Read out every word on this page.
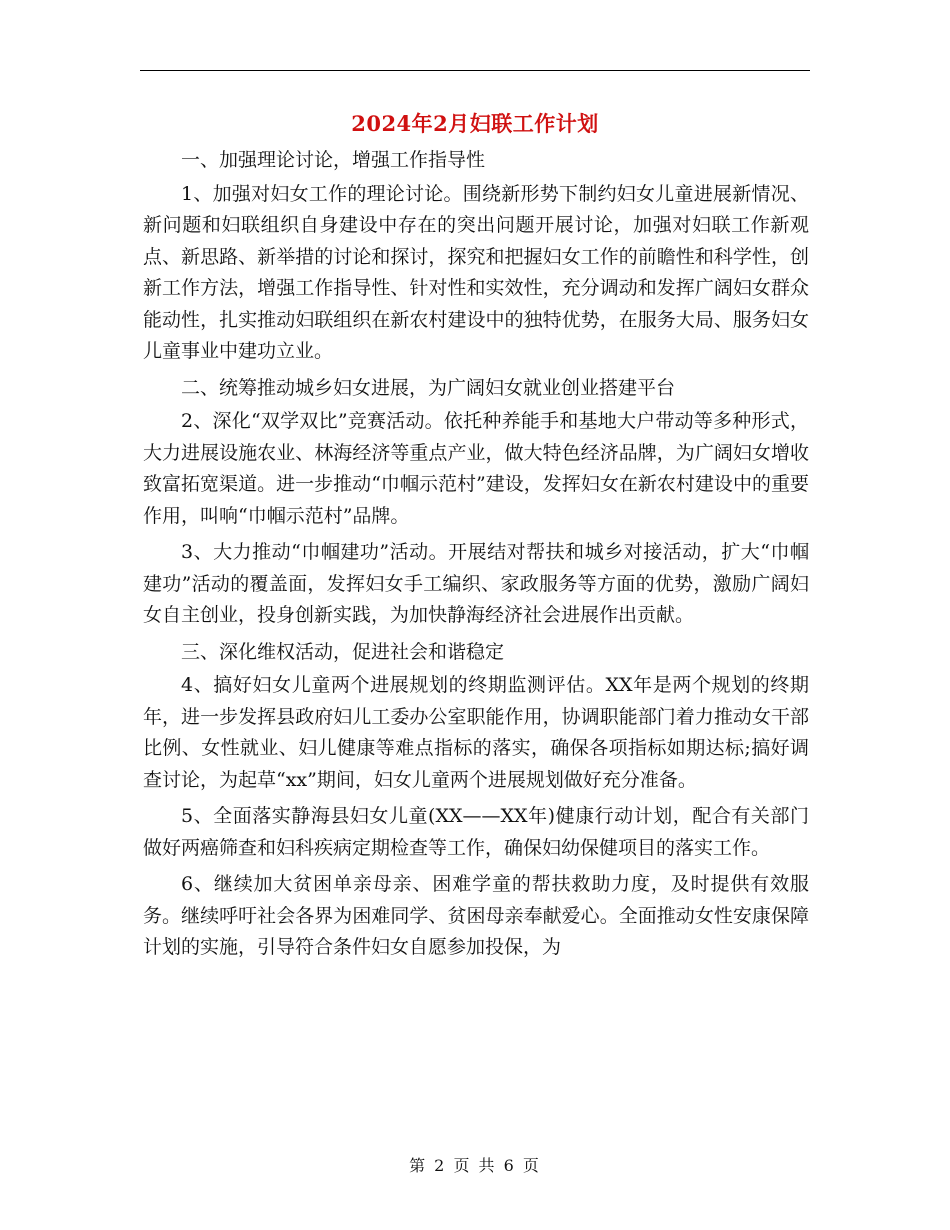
2024年2月妇联工作计划

一、加强理论讨论，增强工作指导性

1、加强对妇女工作的理论讨论。围绕新形势下制约妇女儿童进展新情况、新问题和妇联组织自身建设中存在的突出问题开展讨论，加强对妇联工作新观点、新思路、新举措的讨论和探讨，探究和把握妇女工作的前瞻性和科学性，创新工作方法，增强工作指导性、针对性和实效性，充分调动和发挥广阔妇女群众能动性，扎实推动妇联组织在新农村建设中的独特优势，在服务大局、服务妇女儿童事业中建功立业。

二、统筹推动城乡妇女进展，为广阔妇女就业创业搭建平台

2、深化“双学双比”竞赛活动。依托种养能手和基地大户带动等多种形式，大力进展设施农业、林海经济等重点产业，做大特色经济品牌，为广阔妇女增收致富拓宽渠道。进一步推动“巾帼示范村”建设，发挥妇女在新农村建设中的重要作用，叫响“巾帼示范村”品牌。

3、大力推动“巾帼建功”活动。开展结对帮扶和城乡对接活动，扩大“巾帼建功”活动的覆盖面，发挥妇女手工编织、家政服务等方面的优势，激励广阔妇女自主创业，投身创新实践，为加快静海经济社会进展作出贡献。

三、深化维权活动，促进社会和谐稳定

4、搞好妇女儿童两个进展规划的终期监测评估。XX年是两个规划的终期年，进一步发挥县政府妇儿工委办公室职能作用，协调职能部门着力推动女干部比例、女性就业、妇儿健康等难点指标的落实，确保各项指标如期达标;搞好调查讨论，为起草“xx”期间，妇女儿童两个进展规划做好充分准备。

5、全面落实静海县妇女儿童(XX——XX年)健康行动计划，配合有关部门做好两癌筛查和妇科疾病定期检查等工作，确保妇幼保健项目的落实工作。

6、继续加大贫困单亲母亲、困难学童的帮扶救助力度，及时提供有效服务。继续呼吁社会各界为困难同学、贫困母亲奉献爱心。全面推动女性安康保障计划的实施，引导符合条件妇女自愿参加投保，为

第 2 页 共 6 页
